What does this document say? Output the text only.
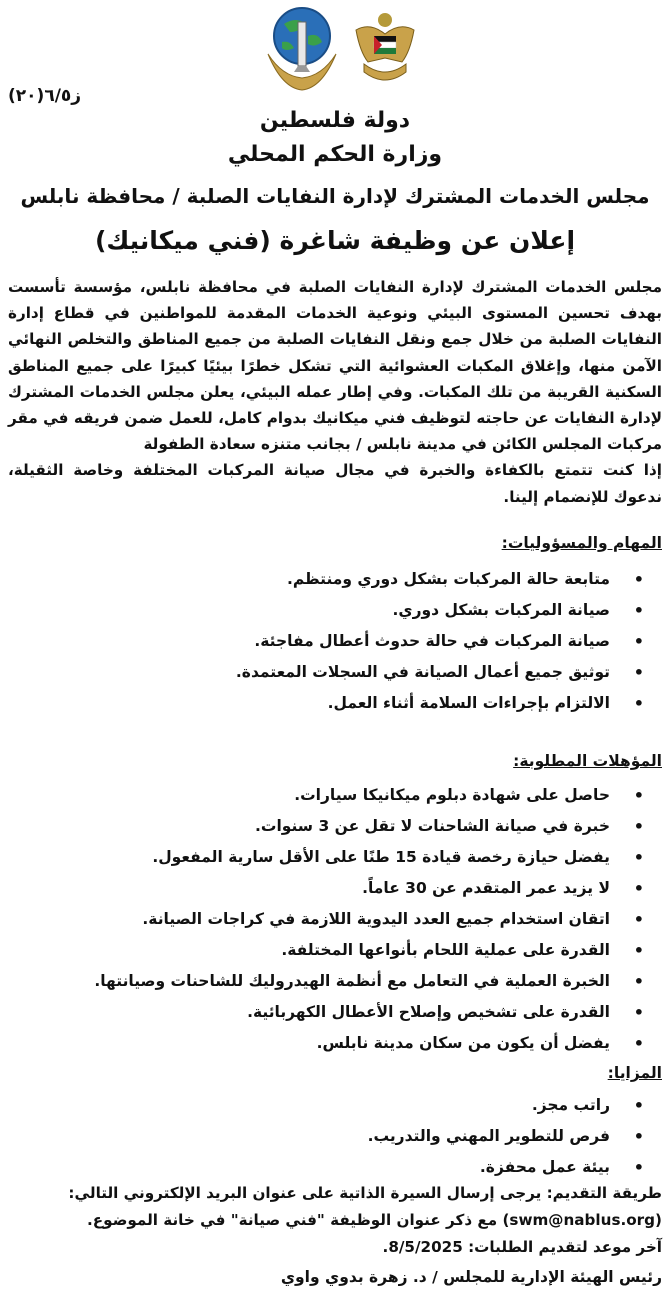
ز٦/٥(٢٠)
دولة فلسطين
وزارة الحكم المحلي
مجلس الخدمات المشترك لإدارة النفايات الصلبة / محافظة نابلس
إعلان عن وظيفة شاغرة (فني ميكانيك)

مجلس الخدمات المشترك لإدارة النفايات الصلبة في محافظة نابلس، مؤسسة تأسست بهدف تحسين المستوى البيئي ونوعية الخدمات المقدمة للمواطنين في قطاع إدارة النفايات الصلبة من خلال جمع ونقل النفايات الصلبة من جميع المناطق والتخلص النهائي الآمن منها، وإغلاق المكبات العشوائية التي تشكل خطرًا بيئيًا كبيرًا على جميع المناطق السكنية القريبة من تلك المكبات. وفي إطار عمله البيئي، يعلن مجلس الخدمات المشترك لإدارة النفايات عن حاجته لتوظيف فني ميكانيك بدوام كامل، للعمل ضمن فريقه في مقر مركبات المجلس الكائن في مدينة نابلس / بجانب متنزه سعادة الطفولة

إذا كنت تتمتع بالكفاءة والخبرة في مجال صيانة المركبات المختلفة وخاصة الثقيلة، ندعوك للإنضمام إلينا.

المهام والمسؤوليات:
• متابعة حالة المركبات بشكل دوري ومنتظم.
• صيانة المركبات بشكل دوري.
• صيانة المركبات في حالة حدوث أعطال مفاجئة.
• توثيق جميع أعمال الصيانة في السجلات المعتمدة.
• الالتزام بإجراءات السلامة أثناء العمل.
المؤهلات المطلوبة:
• حاصل على شهادة دبلوم ميكانيكا سيارات.
• خبرة في صيانة الشاحنات لا تقل عن 3 سنوات.
• يفضل حيازة رخصة قيادة 15 طنًا على الأقل سارية المفعول.
• لا يزيد عمر المتقدم عن 30 عاماً.
• اتقان استخدام جميع العدد اليدوية اللازمة في كراجات الصيانة.
• القدرة على عملية اللحام بأنواعها المختلفة.
• الخبرة العملية في التعامل مع أنظمة الهيدروليك للشاحنات وصيانتها.
• القدرة على تشخيص وإصلاح الأعطال الكهربائية.
• يفضل أن يكون من سكان مدينة نابلس.
المزايا:
• راتب مجز.
• فرص للتطوير المهني والتدريب.
• بيئة عمل محفزة.

طريقة التقديم: يرجى إرسال السيرة الذاتية على عنوان البريد الإلكتروني التالي:

(swm@nablus.org) مع ذكر عنوان الوظيفة "فني صيانة" في خانة الموضوع.

آخر موعد لتقديم الطلبات: 8/5/2025.

رئيس الهيئة الإدارية للمجلس / د. زهرة بدوي واوي
